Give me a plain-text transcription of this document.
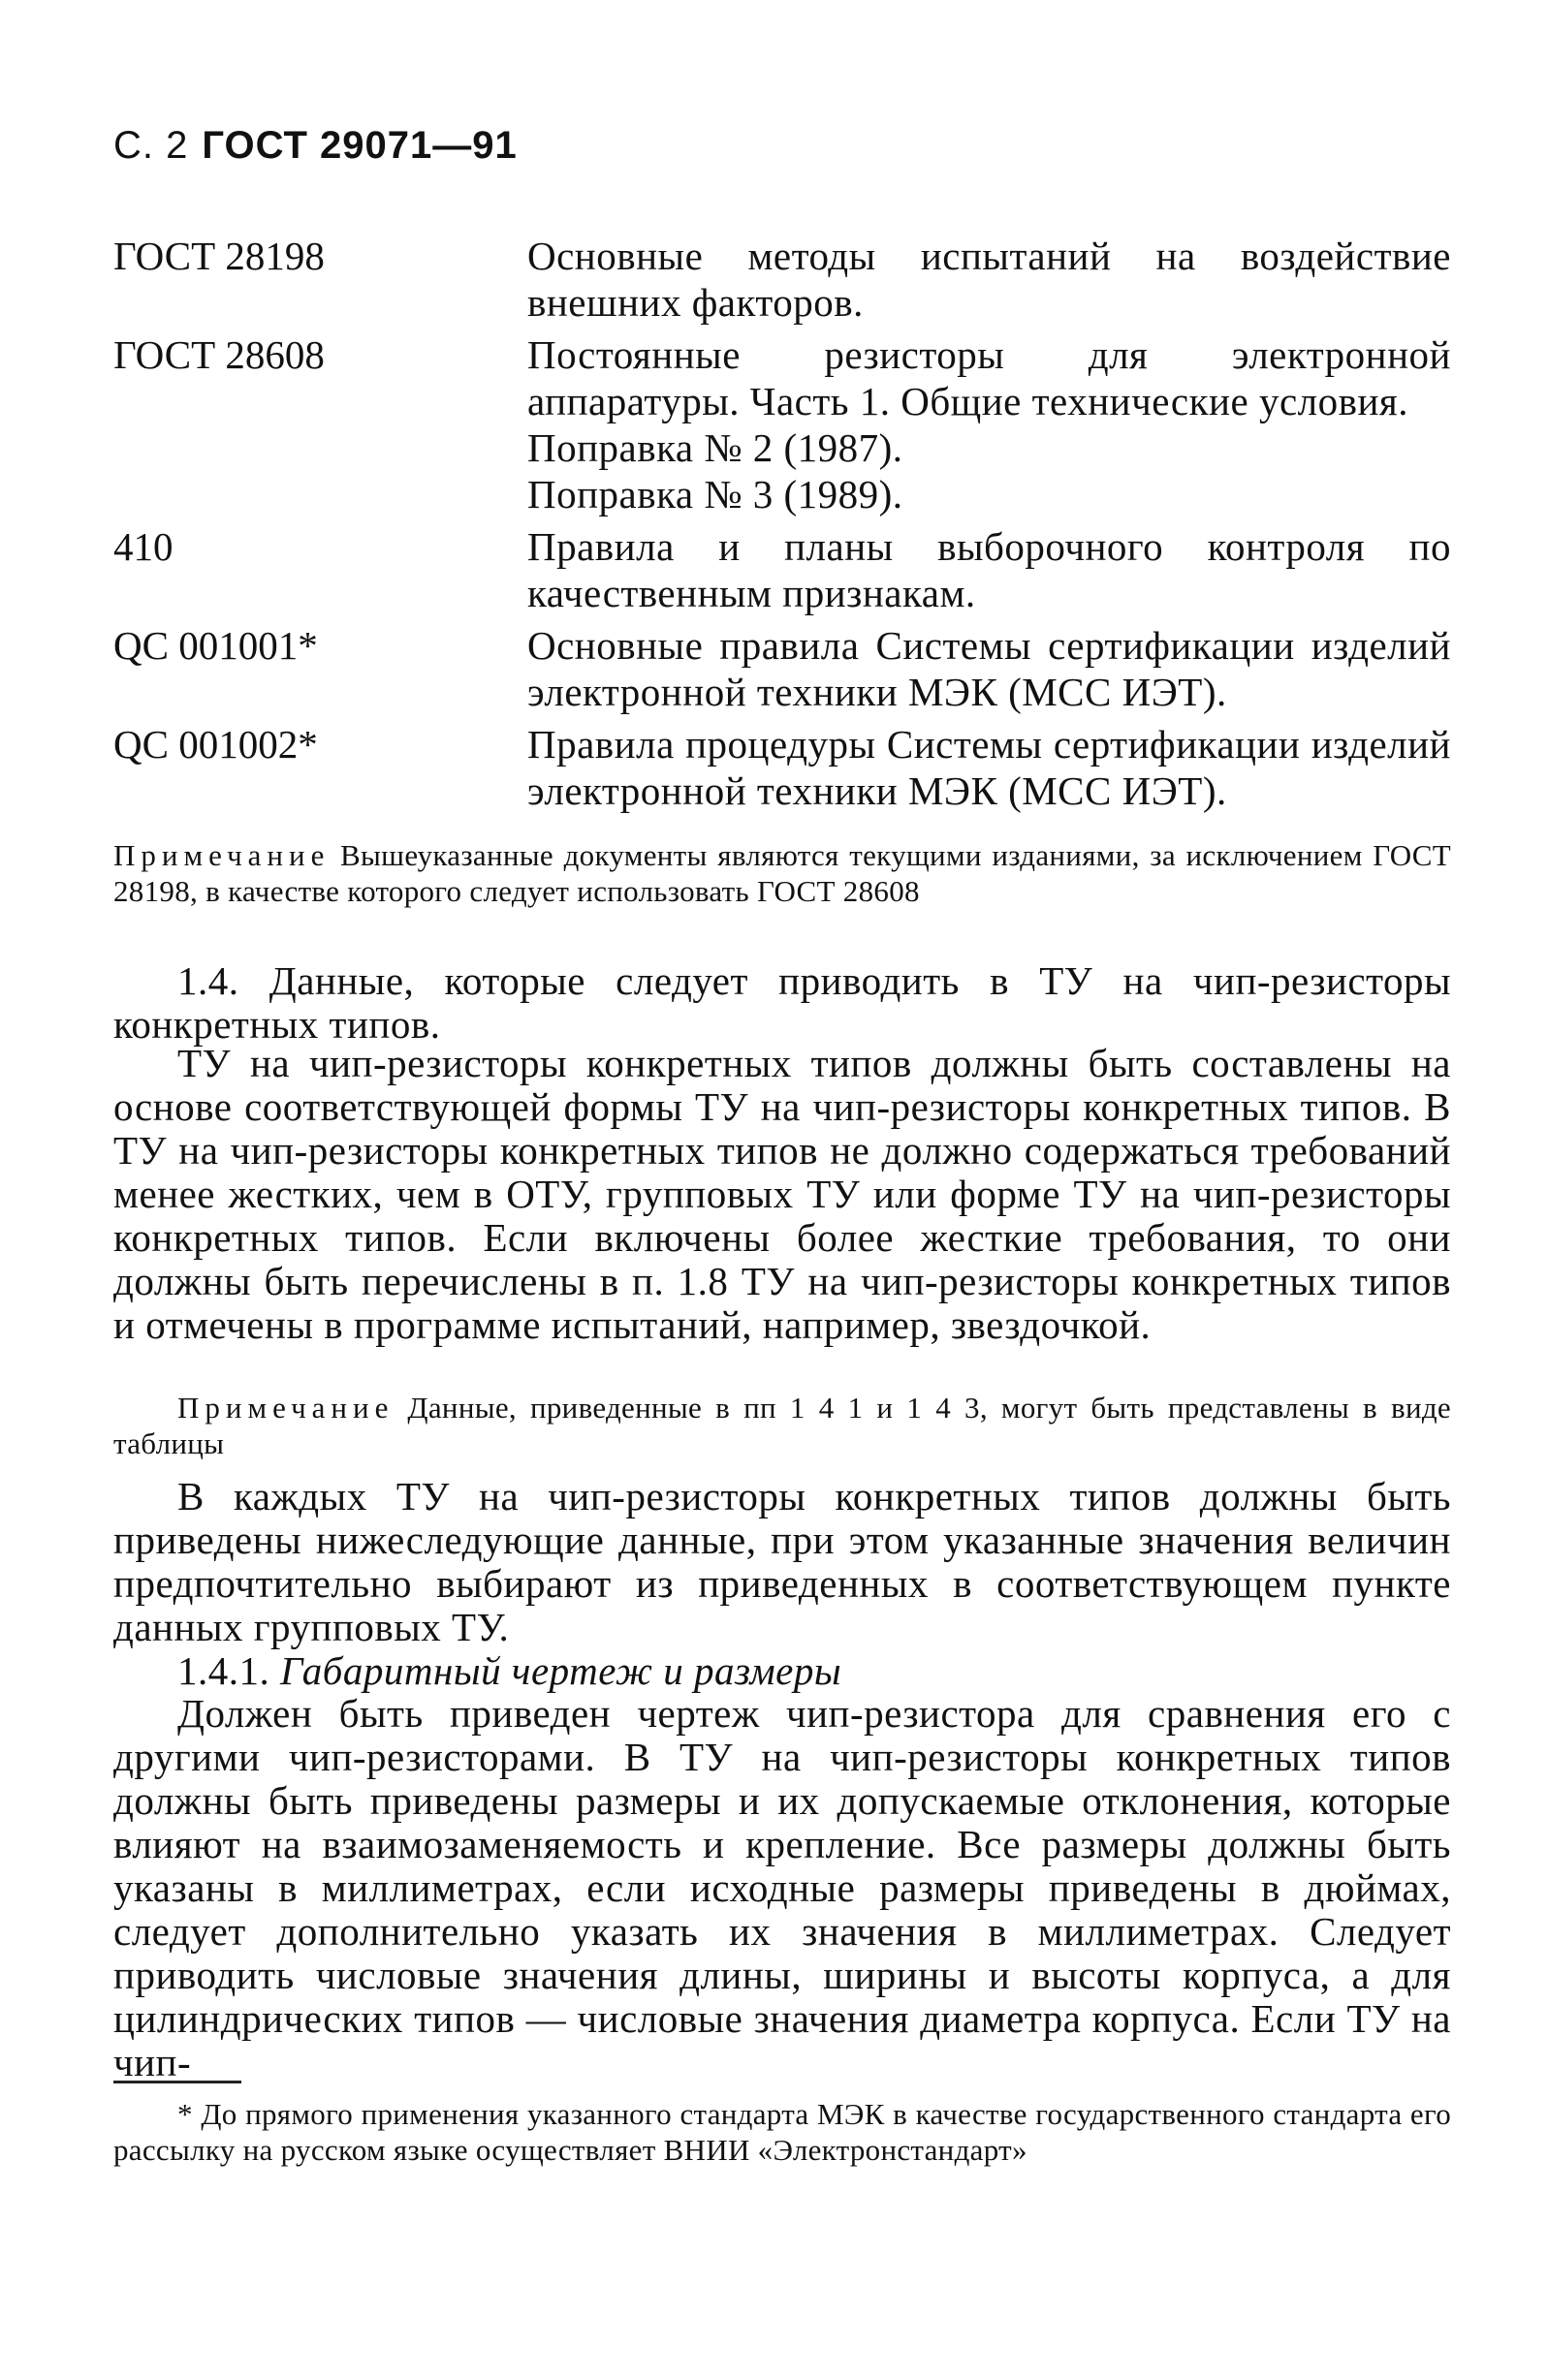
С. 2 ГОСТ 29071—91
ГОСТ 28198	Основные методы испытаний на воздействие внешних факторов.
ГОСТ 28608	Постоянные резисторы для электронной аппаратуры. Часть 1. Общие технические условия.
Поправка № 2 (1987).
Поправка № 3 (1989).
410	Правила и планы выборочного контроля по качественным признакам.
QC 001001*	Основные правила Системы сертификации изделий электронной техники МЭК (МСС ИЭТ).
QC 001002*	Правила процедуры Системы сертификации изделий электронной техники МЭК (МСС ИЭТ).
Примечание Вышеуказанные документы являются текущими изданиями, за исключением ГОСТ 28198, в качестве которого следует использовать ГОСТ 28608
1.4. Данные, которые следует приводить в ТУ на чип-резисторы конкретных типов.
ТУ на чип-резисторы конкретных типов должны быть составлены на основе соответствующей формы ТУ на чип-резисторы конкретных типов. В ТУ на чип-резисторы конкретных типов не должно содержаться требований менее жестких, чем в ОТУ, групповых ТУ или форме ТУ на чип-резисторы конкретных типов. Если включены более жесткие требования, то они должны быть перечислены в п. 1.8 ТУ на чип-резисторы конкретных типов и отмечены в программе испытаний, например, звездочкой.
Примечание Данные, приведенные в пп 1 4 1 и 1 4 3, могут быть представлены в виде таблицы
В каждых ТУ на чип-резисторы конкретных типов должны быть приведены нижеследующие данные, при этом указанные значения величин предпочтительно выбирают из приведенных в соответствующем пункте данных групповых ТУ.
1.4.1. Габаритный чертеж и размеры
Должен быть приведен чертеж чип-резистора для сравнения его с другими чип-резисторами. В ТУ на чип-резисторы конкретных типов должны быть приведены размеры и их допускаемые отклонения, которые влияют на взаимозаменяемость и крепление. Все размеры должны быть указаны в миллиметрах, если исходные размеры приведены в дюймах, следует дополнительно указать их значения в миллиметрах. Следует приводить числовые значения длины, ширины и высоты корпуса, а для цилиндрических типов — числовые значения диаметра корпуса. Если ТУ на чип-
* До прямого применения указанного стандарта МЭК в качестве государственного стандарта его рассылку на русском языке осуществляет ВНИИ «Электронстандарт»
